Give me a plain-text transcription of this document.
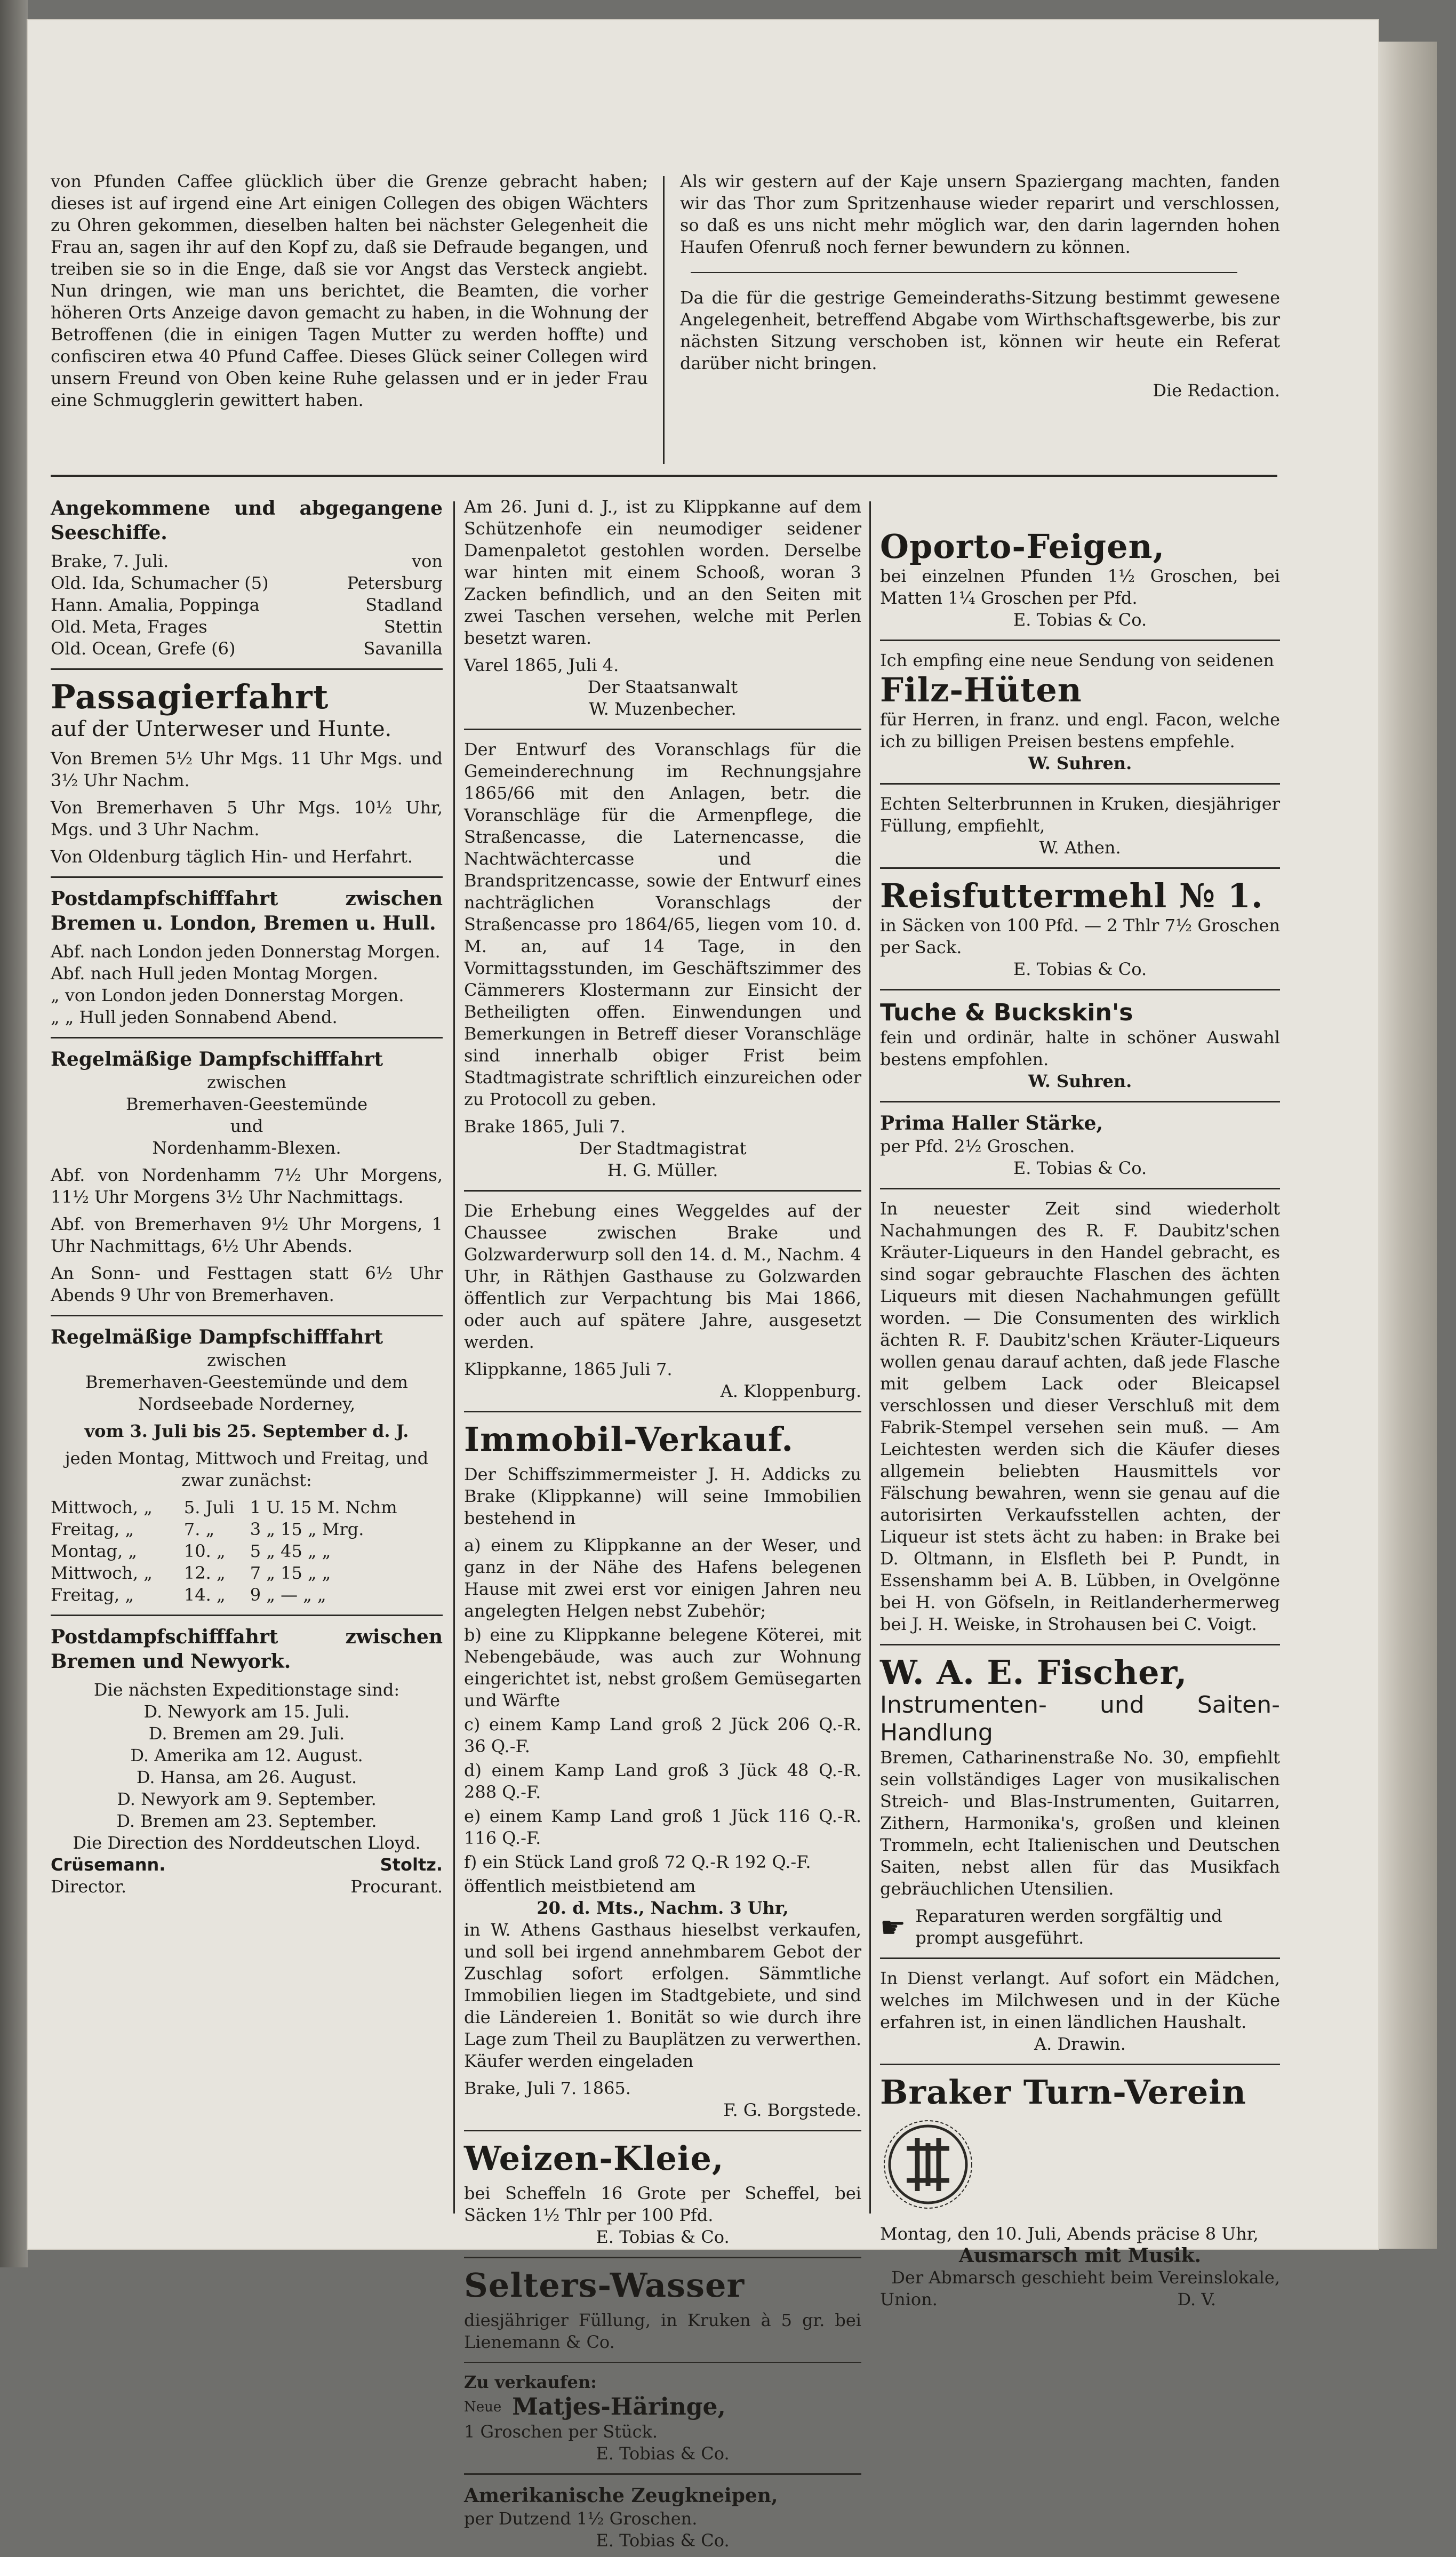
von Pfunden Caffee glücklich über die Grenze gebracht haben; dieses ist auf irgend eine Art einigen Collegen des obigen Wächters zu Ohren gekommen, dieselben halten bei nächster Gelegenheit die Frau an, sagen ihr auf den Kopf zu, daß sie Defraude begangen, und treiben sie so in die Enge, daß sie vor Angst das Versteck angiebt. Nun dringen, wie man uns berichtet, die Beamten, die vorher höheren Orts Anzeige davon gemacht zu haben, in die Wohnung der Betroffenen (die in einigen Tagen Mutter zu werden hoffte) und confisciren etwa 40 Pfund Caffee. Dieses Glück seiner Collegen wird unsern Freund von Oben keine Ruhe gelassen und er in jeder Frau eine Schmugglerin gewittert haben.

Als wir gestern auf der Kaje unsern Spaziergang machten, fanden wir das Thor zum Spritzenhause wieder reparirt und verschlossen, so daß es uns nicht mehr möglich war, den darin lagernden hohen Haufen Ofenruß noch ferner bewundern zu können.

Da die für die gestrige Gemeinderaths-Sitzung bestimmt gewesene Angelegenheit, betreffend Abgabe vom Wirthschaftsgewerbe, bis zur nächsten Sitzung verschoben ist, können wir heute ein Referat darüber nicht bringen.

Die Redaction.

Angekommene und abgegangene Seeschiffe.

Brake, 7. Juli.	von
Old. Ida, Schumacher (5)	Petersburg
Hann. Amalia, Poppinga	Stadland
Old. Meta, Frages	Stettin
Old. Ocean, Grefe (6)	Savanilla

Passagierfahrt

auf der Unterweser und Hunte.

Von Bremen 5½ Uhr Mgs. 11 Uhr Mgs. und 3½ Uhr Nachm.

Von Bremerhaven 5 Uhr Mgs. 10½ Uhr, Mgs. und 3 Uhr Nachm.

Von Oldenburg täglich Hin- und Herfahrt.

Postdampfschifffahrt zwischen Bremen u. London, Bremen u. Hull.

Abf. nach London jeden Donnerstag Morgen.

Abf. nach Hull jeden Montag Morgen.

„ von London jeden Donnerstag Morgen.

„ „ Hull jeden Sonnabend Abend.

Regelmäßige Dampfschifffahrt

zwischen

Bremerhaven-Geestemünde

und

Nordenhamm-Blexen.

Abf. von Nordenhamm 7½ Uhr Morgens, 11½ Uhr Morgens 3½ Uhr Nachmittags.

Abf. von Bremerhaven 9½ Uhr Morgens, 1 Uhr Nachmittags, 6½ Uhr Abends.

An Sonn- und Festtagen statt 6½ Uhr Abends 9 Uhr von Bremerhaven.

Regelmäßige Dampfschifffahrt

zwischen

Bremerhaven-Geestemünde und dem Nordseebade Norderney,

vom 3. Juli bis 25. September d. J.

jeden Montag, Mittwoch und Freitag, und zwar zunächst:

Mittwoch, „	5. Juli	1 U. 15 M. Nchm
Freitag, „	7. „	3 „ 15 „ Mrg.
Montag, „	10. „	5 „ 45 „ „
Mittwoch, „	12. „	7 „ 15 „ „
Freitag, „	14. „	9 „ — „ „

Postdampfschifffahrt zwischen Bremen und Newyork.

Die nächsten Expeditionstage sind:

D. Newyork am 15. Juli.

D. Bremen am 29. Juli.

D. Amerika am 12. August.

D. Hansa, am 26. August.

D. Newyork am 9. September.

D. Bremen am 23. September.

Die Direction des Norddeutschen Lloyd.

Crüsemann.	Stoltz.
Director.	Procurant.

Am 26. Juni d. J., ist zu Klippkanne auf dem Schützenhofe ein neumodiger seidener Damenpaletot gestohlen worden. Derselbe war hinten mit einem Schooß, woran 3 Zacken befindlich, und an den Seiten mit zwei Taschen versehen, welche mit Perlen besetzt waren.

Varel 1865, Juli 4.

Der Staatsanwalt

W. Muzenbecher.

Der Entwurf des Voranschlags für die Gemeinderechnung im Rechnungsjahre 1865/66 mit den Anlagen, betr. die Voranschläge für die Armenpflege, die Straßencasse, die Laternencasse, die Nachtwächtercasse und die Brandspritzencasse, sowie der Entwurf eines nachträglichen Voranschlags der Straßencasse pro 1864/65, liegen vom 10. d. M. an, auf 14 Tage, in den Vormittagsstunden, im Geschäftszimmer des Cämmerers Klostermann zur Einsicht der Betheiligten offen. Einwendungen und Bemerkungen in Betreff dieser Voranschläge sind innerhalb obiger Frist beim Stadtmagistrate schriftlich einzureichen oder zu Protocoll zu geben.

Brake 1865, Juli 7.

Der Stadtmagistrat

H. G. Müller.

Die Erhebung eines Weggeldes auf der Chaussee zwischen Brake und Golzwarderwurp soll den 14. d. M., Nachm. 4 Uhr, in Räthjen Gasthause zu Golzwarden öffentlich zur Verpachtung bis Mai 1866, oder auch auf spätere Jahre, ausgesetzt werden.

Klippkanne, 1865 Juli 7.

A. Kloppenburg.

Immobil-Verkauf.

Der Schiffszimmermeister J. H. Addicks zu Brake (Klippkanne) will seine Immobilien bestehend in

a) einem zu Klippkanne an der Weser, und ganz in der Nähe des Hafens belegenen Hause mit zwei erst vor einigen Jahren neu angelegten Helgen nebst Zubehör;

b) eine zu Klippkanne belegene Köterei, mit Nebengebäude, was auch zur Wohnung eingerichtet ist, nebst großem Gemüsegarten und Wärfte

c) einem Kamp Land groß 2 Jück 206 Q.-R. 36 Q.-F.

d) einem Kamp Land groß 3 Jück 48 Q.-R. 288 Q.-F.

e) einem Kamp Land groß 1 Jück 116 Q.-R. 116 Q.-F.

f) ein Stück Land groß 72 Q.-R 192 Q.-F.

öffentlich meistbietend am

20. d. Mts., Nachm. 3 Uhr,

in W. Athens Gasthaus hieselbst verkaufen, und soll bei irgend annehmbarem Gebot der Zuschlag sofort erfolgen. Sämmtliche Immobilien liegen im Stadtgebiete, und sind die Ländereien 1. Bonität so wie durch ihre Lage zum Theil zu Bauplätzen zu verwerthen. Käufer werden eingeladen

Brake, Juli 7. 1865.

F. G. Borgstede.

Weizen-Kleie,

bei Scheffeln 16 Grote per Scheffel, bei Säcken 1½ Thlr per 100 Pfd.

E. Tobias & Co.

Selters-Wasser

diesjähriger Füllung, in Kruken à 5 gr. bei Lienemann & Co.

Zu verkaufen:

Neue Matjes-Häringe,

1 Groschen per Stück.

E. Tobias & Co.

Amerikanische Zeugkneipen,

per Dutzend 1½ Groschen.

E. Tobias & Co.

Oporto-Feigen,

bei einzelnen Pfunden 1½ Groschen, bei Matten 1¼ Groschen per Pfd.

E. Tobias & Co.

Ich empfing eine neue Sendung von seidenen

Filz-Hüten

für Herren, in franz. und engl. Facon, welche ich zu billigen Preisen bestens empfehle.

W. Suhren.

Echten Selterbrunnen in Kruken, diesjähriger Füllung, empfiehlt,

W. Athen.

Reisfuttermehl № 1.

in Säcken von 100 Pfd. — 2 Thlr 7½ Groschen per Sack.

E. Tobias & Co.

Tuche & Buckskin's

fein und ordinär, halte in schöner Auswahl bestens empfohlen.

W. Suhren.

Prima Haller Stärke,

per Pfd. 2½ Groschen.

E. Tobias & Co.

In neuester Zeit sind wiederholt Nachahmungen des R. F. Daubitz'schen Kräuter-Liqueurs in den Handel gebracht, es sind sogar gebrauchte Flaschen des ächten Liqueurs mit diesen Nachahmungen gefüllt worden. — Die Consumenten des wirklich ächten R. F. Daubitz'schen Kräuter-Liqueurs wollen genau darauf achten, daß jede Flasche mit gelbem Lack oder Bleicapsel verschlossen und dieser Verschluß mit dem Fabrik-Stempel versehen sein muß. — Am Leichtesten werden sich die Käufer dieses allgemein beliebten Hausmittels vor Fälschung bewahren, wenn sie genau auf die autorisirten Verkaufsstellen achten, der Liqueur ist stets ächt zu haben: in Brake bei D. Oltmann, in Elsfleth bei P. Pundt, in Essenshamm bei A. B. Lübben, in Ovelgönne bei H. von Göfseln, in Reitlanderhermerweg bei J. H. Weiske, in Strohausen bei C. Voigt.

W. A. E. Fischer,

Instrumenten- und Saiten-Handlung

Bremen, Catharinenstraße No. 30, empfiehlt sein vollständiges Lager von musikalischen Streich- und Blas-Instrumenten, Guitarren, Zithern, Harmonika's, großen und kleinen Trommeln, echt Italienischen und Deutschen Saiten, nebst allen für das Musikfach gebräuchlichen Utensilien.

☛ Reparaturen werden sorgfältig und prompt ausgeführt.

In Dienst verlangt. Auf sofort ein Mädchen, welches im Milchwesen und in der Küche erfahren ist, in einen ländlichen Haushalt.

A. Drawin.

Braker Turn-Verein

Montag, den 10. Juli, Abends präcise 8 Uhr,

Ausmarsch mit Musik.

Der Abmarsch geschieht beim Vereinslokale,

Union.	D. V.
